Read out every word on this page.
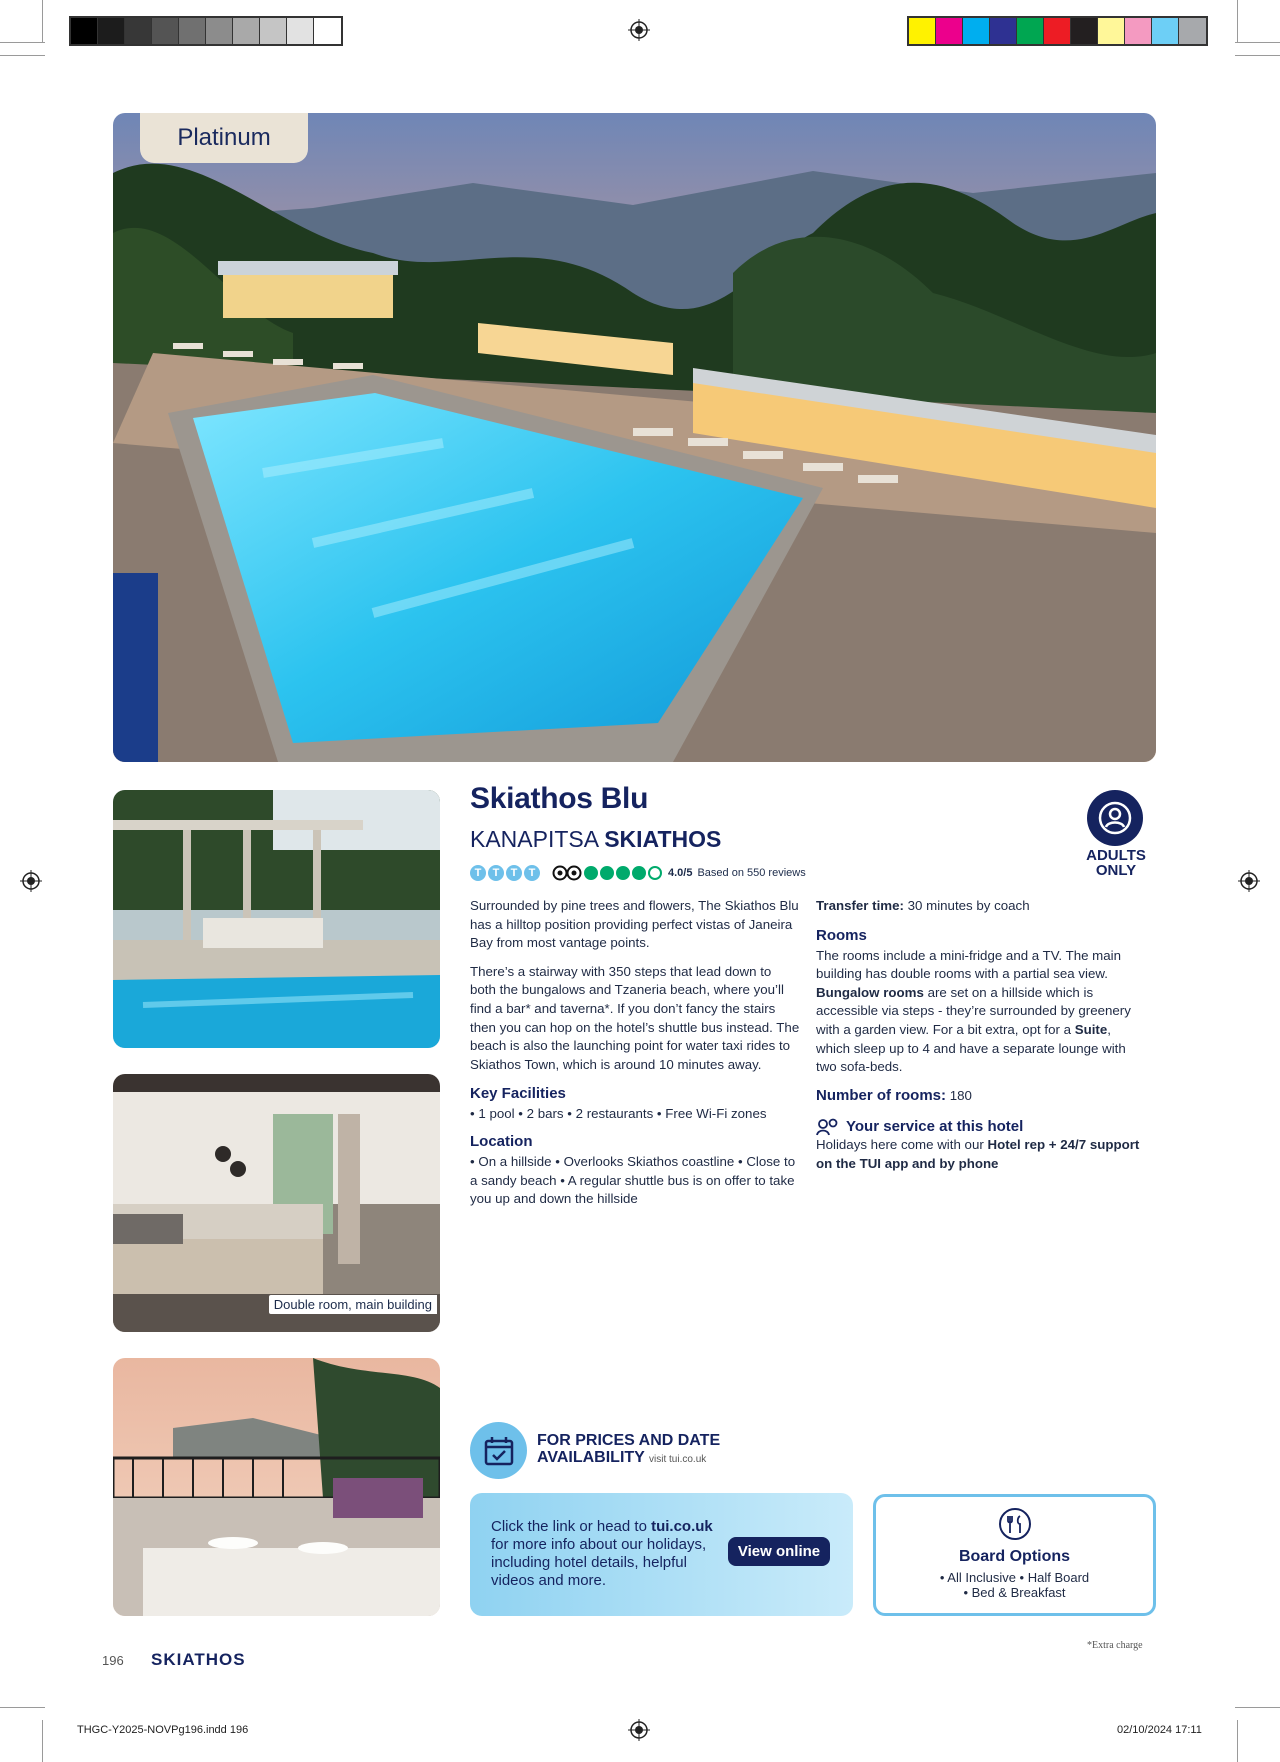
THGC-Y2025-NOVPg196.indd 196	02/10/2024 17:11
Platinum
Double room, main building
Skiathos Blu
KANAPITSA SKIATHOS
T	T	T	T	4.0/5 Based on 550 reviews
ADULTS
ONLY

Surrounded by pine trees and flowers, The Skiathos Blu has a hilltop position providing perfect vistas of Janeira Bay from most vantage points.

There’s a stairway with 350 steps that lead down to both the bungalows and Tzaneria beach, where you’ll find a bar* and taverna*. If you don’t fancy the stairs then you can hop on the hotel’s shuttle bus instead. The beach is also the launching point for water taxi rides to Skiathos Town, which is around 10 minutes away.

Key Facilities
• 1 pool • 2 bars • 2 restaurants • Free Wi-Fi zones
Location
• On a hillside • Overlooks Skiathos coastline • Close to a sandy beach • A regular shuttle bus is on offer to take you up and down the hillside

Transfer time: 30 minutes by coach

Rooms
The rooms include a mini-fridge and a TV. The main building has double rooms with a partial sea view. Bungalow rooms are set on a hillside which is accessible via steps - they’re surrounded by greenery with a garden view. For a bit extra, opt for a Suite, which sleep up to 4 and have a separate lounge with two sofa-beds.
Number of rooms: 180
Your service at this hotel
Holidays here come with our Hotel rep + 24/7 support on the TUI app and by phone
FOR PRICES AND DATE
AVAILABILITY visit tui.co.uk
Click the link or head to tui.co.uk for more info about our holidays, including hotel details, helpful videos and more.
View online	Board Options
• All Inclusive • Half Board
• Bed & Breakfast
*Extra charge
196 SKIATHOS
